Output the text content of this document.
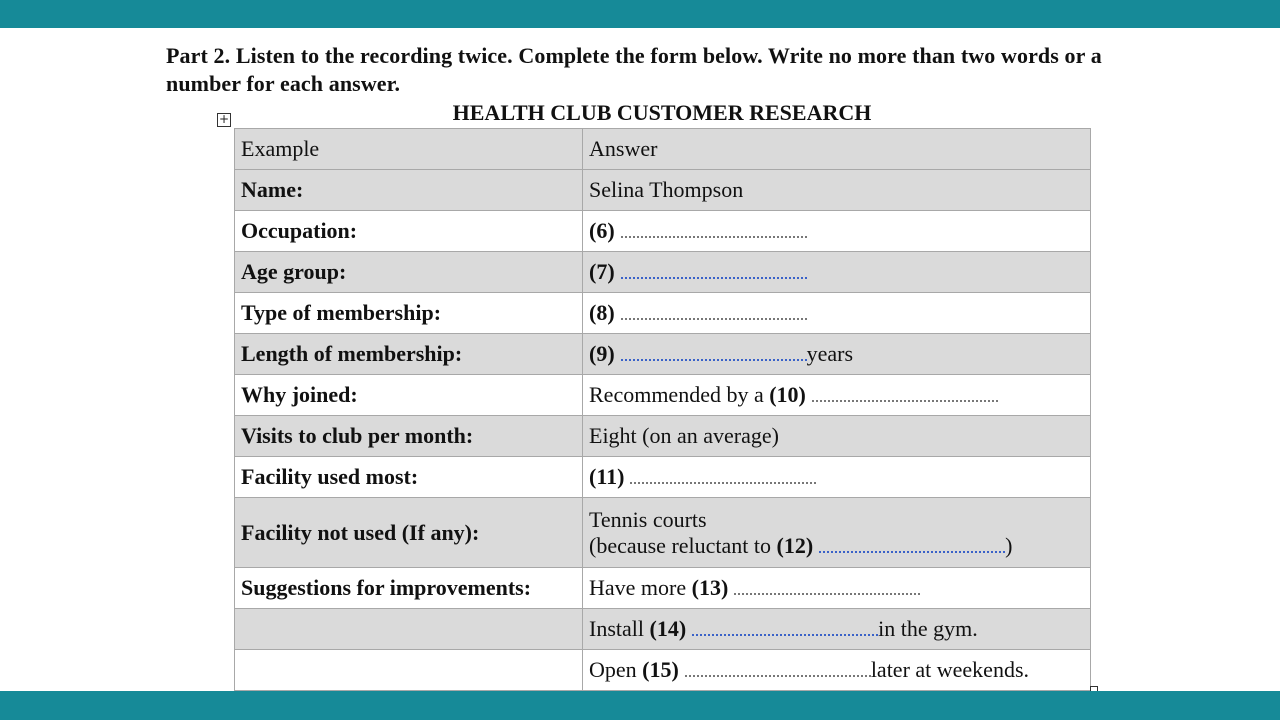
Part 2. Listen to the recording twice. Complete the form below. Write no more than two words or a number for each answer.

+	HEALTH CLUB CUSTOMER RESEARCH
Example	Answer
Name:	Selina Thompson
Occupation:	(6)
Age group:	(7)
Type of membership:	(8)
Length of membership:	(9) years
Why joined:	Recommended by a (10)
Visits to club per month:	Eight (on an average)
Facility used most:	(11)
Facility not used (If any):	Tennis courts
(because reluctant to (12) )

Suggestions for improvements:	Have more (13)
	Install (14) in the gym.
	Open (15) later at weekends.
